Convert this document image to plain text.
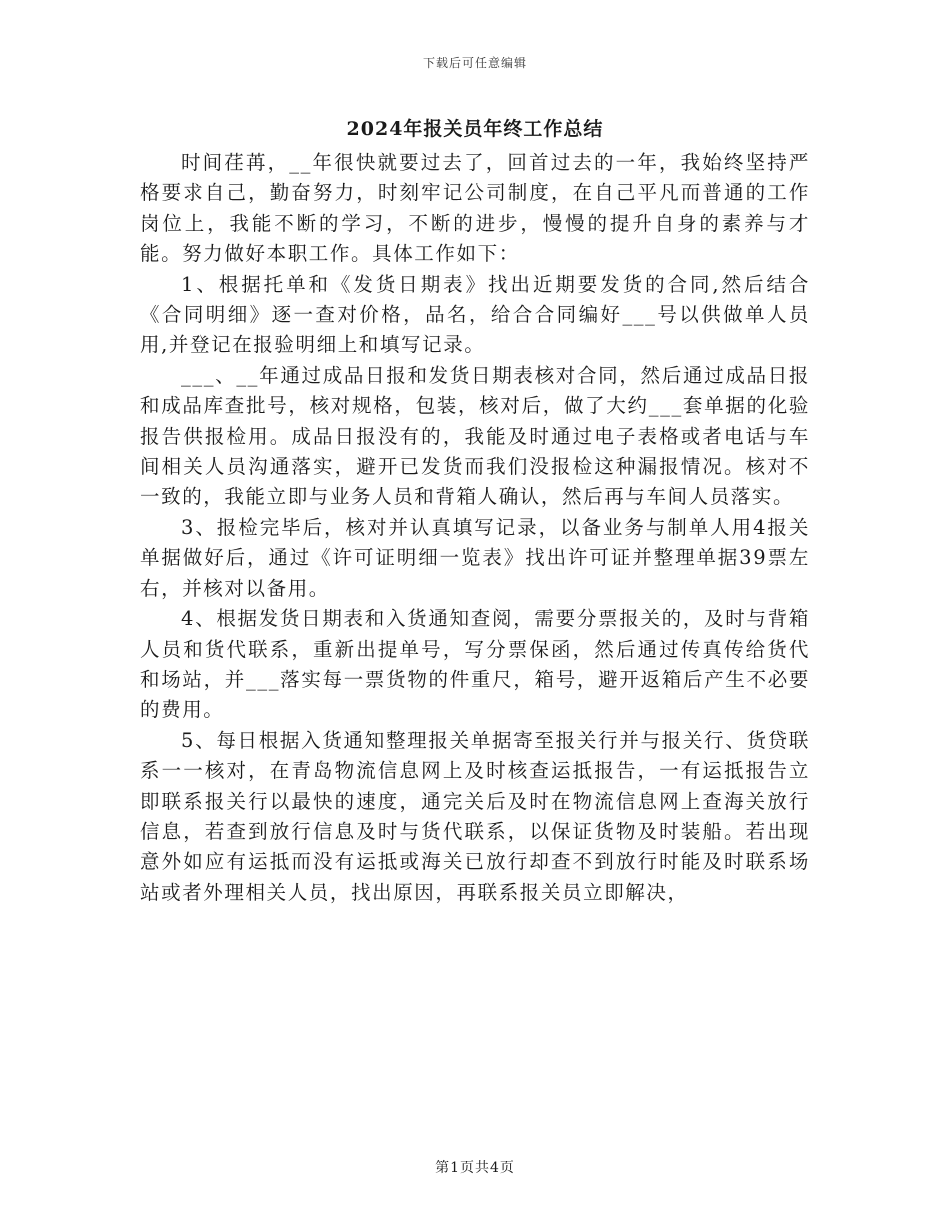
下载后可任意编辑
2024年报关员年终工作总结

时间荏苒，__年很快就要过去了，回首过去的一年，我始终坚持严格要求自己，勤奋努力，时刻牢记公司制度，在自己平凡而普通的工作岗位上，我能不断的学习，不断的进步，慢慢的提升自身的素养与才能。努力做好本职工作。具体工作如下：

1、根据托单和《发货日期表》找出近期要发货的合同,然后结合《合同明细》逐一查对价格，品名，给合合同编好___号以供做单人员用,并登记在报验明细上和填写记录。

___、__年通过成品日报和发货日期表核对合同，然后通过成品日报和成品库查批号，核对规格，包装，核对后，做了大约___套单据的化验报告供报检用。成品日报没有的，我能及时通过电子表格或者电话与车间相关人员沟通落实，避开已发货而我们没报检这种漏报情况。核对不一致的，我能立即与业务人员和背箱人确认，然后再与车间人员落实。

3、报检完毕后，核对并认真填写记录，以备业务与制单人用4报关单据做好后，通过《许可证明细一览表》找出许可证并整理单据39票左右，并核对以备用。

4、根据发货日期表和入货通知查阅，需要分票报关的，及时与背箱人员和货代联系，重新出提单号，写分票保函，然后通过传真传给货代和场站，并___落实每一票货物的件重尺，箱号，避开返箱后产生不必要的费用。

5、每日根据入货通知整理报关单据寄至报关行并与报关行、货贷联系一一核对，在青岛物流信息网上及时核查运抵报告，一有运抵报告立即联系报关行以最快的速度，通完关后及时在物流信息网上查海关放行信息，若查到放行信息及时与货代联系，以保证货物及时装船。若出现意外如应有运抵而没有运抵或海关已放行却查不到放行时能及时联系场站或者外理相关人员，找出原因，再联系报关员立即解决，

第1页共4页
